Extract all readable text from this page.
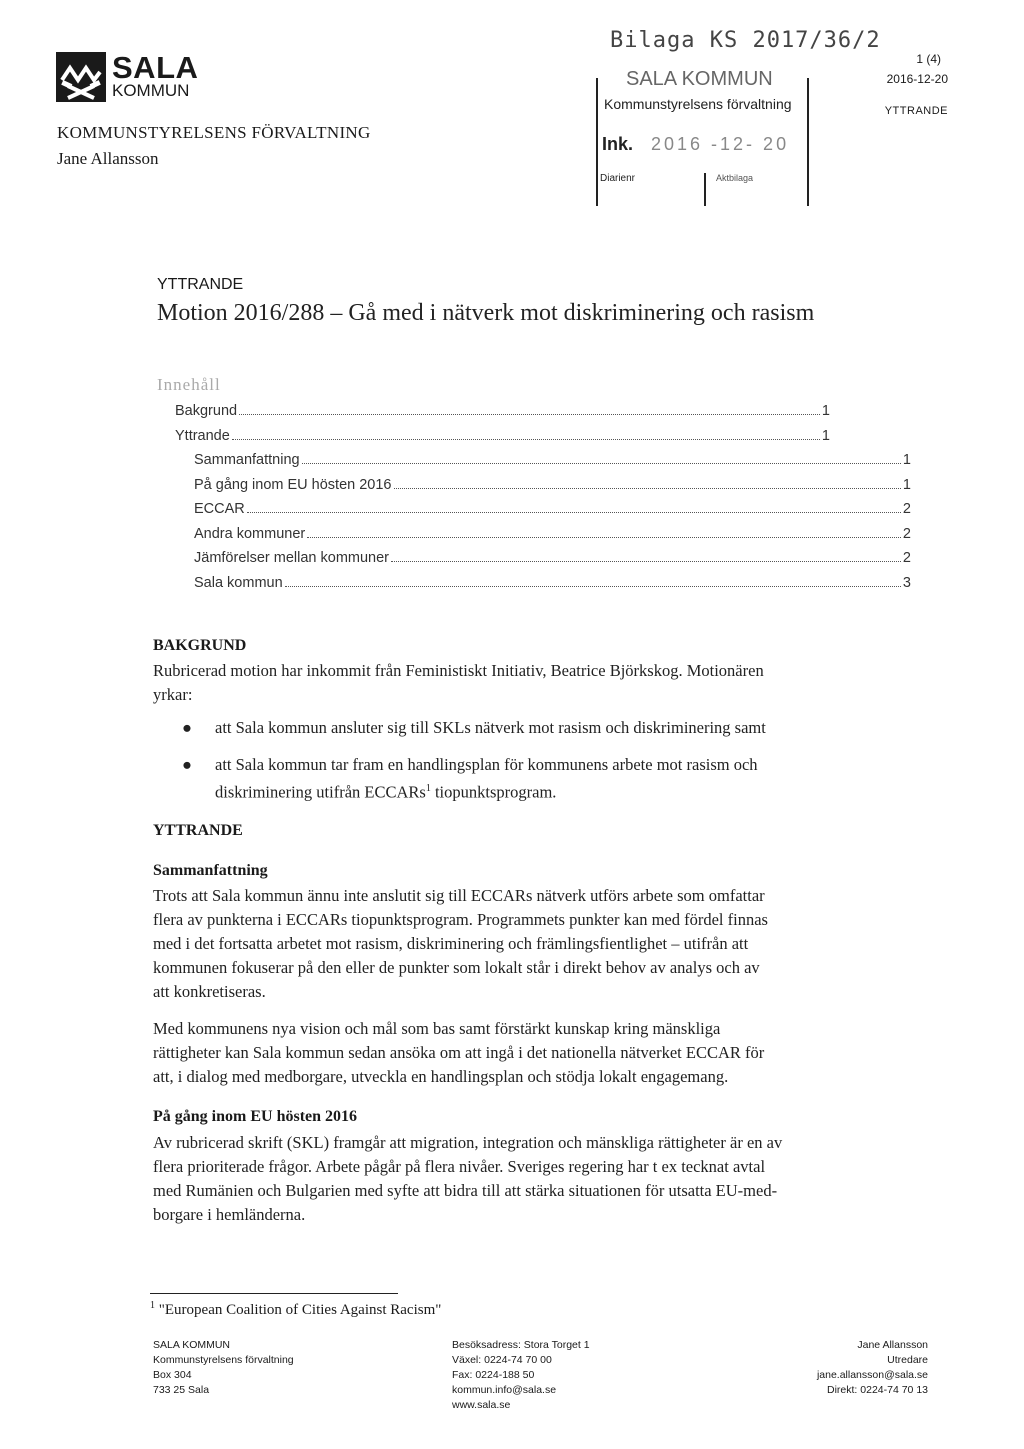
SALA
KOMMUN
KOMMUNSTYRELSENS FÖRVALTNING
Jane Allansson
Bilaga KS 2017/36/2
SALA KOMMUN
Kommunstyrelsens förvaltning
Ink. 2016 -12- 20
Diarienr	Aktbilaga
1 (4)
2016-12-20
YTTRANDE
YTTRANDE
Motion 2016/288 – Gå med i nätverk mot diskriminering och rasism
Innehåll
Bakgrund	1
Yttrande	1
Sammanfattning	1
På gång inom EU hösten 2016	1
ECCAR	2
Andra kommuner	2
Jämförelser mellan kommuner	2
Sala kommun	3
BAKGRUND
Rubricerad motion har inkommit från Feministiskt Initiativ, Beatrice Björkskog. Motionären
yrkar:
● att Sala kommun ansluter sig till SKLs nätverk mot rasism och diskriminering samt
● att Sala kommun tar fram en handlingsplan för kommunens arbete mot rasism och
diskriminering utifrån ECCARs$^1$ tiopunktsprogram.
YTTRANDE
Sammanfattning
Trots att Sala kommun ännu inte anslutit sig till ECCARs nätverk utförs arbete som omfattar
flera av punkterna i ECCARs tiopunktsprogram. Programmets punkter kan med fördel finnas
med i det fortsatta arbetet mot rasism, diskriminering och främlingsfientlighet – utifrån att
kommunen fokuserar på den eller de punkter som lokalt står i direkt behov av analys och av
att konkretiseras.
Med kommunens nya vision och mål som bas samt förstärkt kunskap kring mänskliga
rättigheter kan Sala kommun sedan ansöka om att ingå i det nationella nätverket ECCAR för
att, i dialog med medborgare, utveckla en handlingsplan och stödja lokalt engagemang.
På gång inom EU hösten 2016
Av rubricerad skrift (SKL) framgår att migration, integration och mänskliga rättigheter är en av
flera prioriterade frågor. Arbete pågår på flera nivåer. Sveriges regering har t ex tecknat avtal
med Rumänien och Bulgarien med syfte att bidra till att stärka situationen för utsatta EU-med-
borgare i hemländerna.
$^1$ "European Coalition of Cities Against Racism"
SALA KOMMUN
Kommunstyrelsens förvaltning
Box 304
733 25 Sala
Besöksadress: Stora Torget 1
Växel: 0224-74 70 00
Fax: 0224-188 50
kommun.info@sala.se
www.sala.se
Jane Allansson
Utredare
jane.allansson@sala.se
Direkt: 0224-74 70 13
